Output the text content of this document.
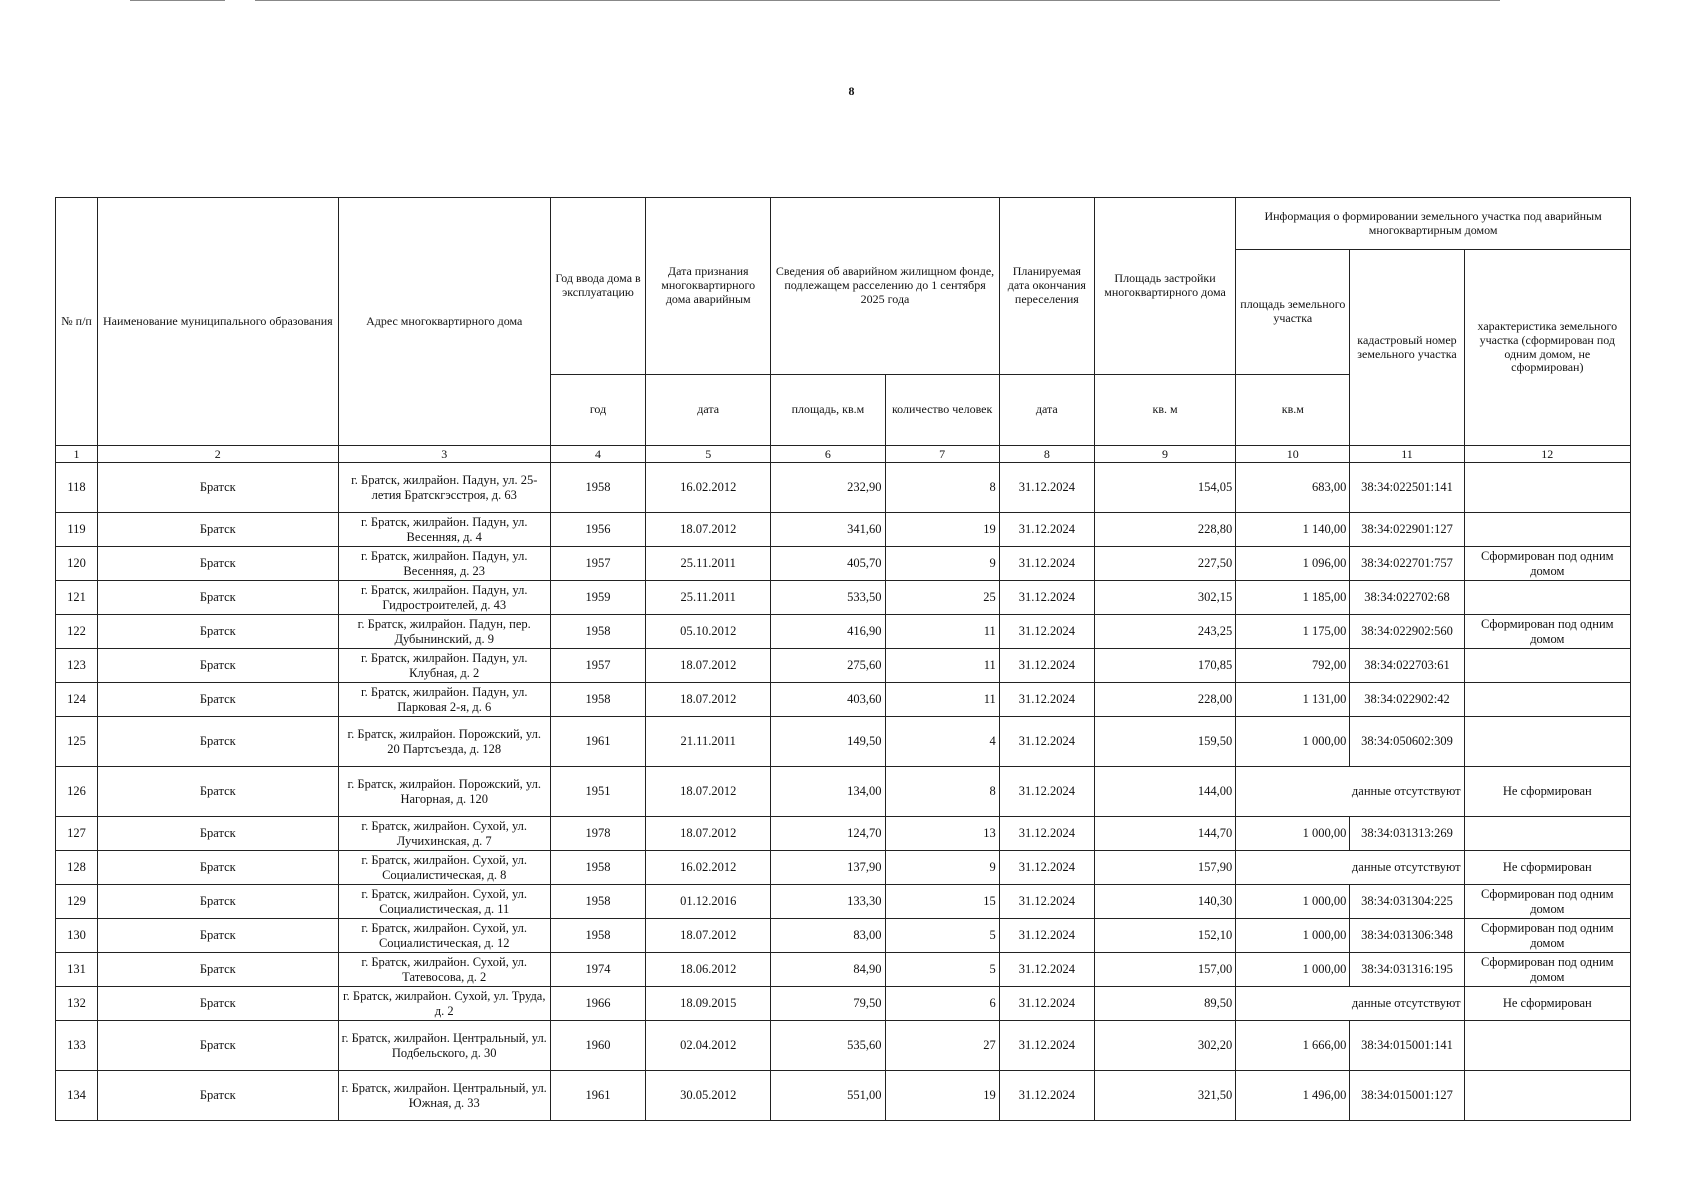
8
№ п/п	Наименование муниципального образования	Адрес многоквартирного дома	Год ввода дома в эксплуатацию	Дата признания многоквартирного дома аварийным	Сведения об аварийном жилищном фонде, подлежащем расселению до 1 сентября 2025 года		Планируемая дата окончания переселения	Площадь застройки многоквартирного дома	Информация о формировании земельного участка под аварийным многоквартирным домом		
									площадь земельного участка	кадастровый номер земельного участка	характеристика земельного участка (сформирован под одним домом, не сформирован)
			год	дата	площадь, кв.м	количество человек	дата	кв. м	кв.м		
1	2	3	4	5	6	7	8	9	10	11	12
118	Братск	г. Братск, жилрайон. Падун, ул. 25-летия Братскгэсстроя, д. 63	1958	16.02.2012	232,90	8	31.12.2024	154,05	683,00	38:34:022501:141	
119	Братск	г. Братск, жилрайон. Падун, ул. Весенняя, д. 4	1956	18.07.2012	341,60	19	31.12.2024	228,80	1 140,00	38:34:022901:127	
120	Братск	г. Братск, жилрайон. Падун, ул. Весенняя, д. 23	1957	25.11.2011	405,70	9	31.12.2024	227,50	1 096,00	38:34:022701:757	Сформирован под одним домом
121	Братск	г. Братск, жилрайон. Падун, ул. Гидростроителей, д. 43	1959	25.11.2011	533,50	25	31.12.2024	302,15	1 185,00	38:34:022702:68	
122	Братск	г. Братск, жилрайон. Падун, пер. Дубынинский, д. 9	1958	05.10.2012	416,90	11	31.12.2024	243,25	1 175,00	38:34:022902:560	Сформирован под одним домом
123	Братск	г. Братск, жилрайон. Падун, ул. Клубная, д. 2	1957	18.07.2012	275,60	11	31.12.2024	170,85	792,00	38:34:022703:61	
124	Братск	г. Братск, жилрайон. Падун, ул. Парковая 2-я, д. 6	1958	18.07.2012	403,60	11	31.12.2024	228,00	1 131,00	38:34:022902:42	
125	Братск	г. Братск, жилрайон. Порожский, ул. 20 Партсъезда, д. 128	1961	21.11.2011	149,50	4	31.12.2024	159,50	1 000,00	38:34:050602:309	
126	Братск	г. Братск, жилрайон. Порожский, ул. Нагорная, д. 120	1951	18.07.2012	134,00	8	31.12.2024	144,00	данные отсутствуют		Не сформирован
127	Братск	г. Братск, жилрайон. Сухой, ул. Лучихинская, д. 7	1978	18.07.2012	124,70	13	31.12.2024	144,70	1 000,00	38:34:031313:269	
128	Братск	г. Братск, жилрайон. Сухой, ул. Социалистическая, д. 8	1958	16.02.2012	137,90	9	31.12.2024	157,90	данные отсутствуют		Не сформирован
129	Братск	г. Братск, жилрайон. Сухой, ул. Социалистическая, д. 11	1958	01.12.2016	133,30	15	31.12.2024	140,30	1 000,00	38:34:031304:225	Сформирован под одним домом
130	Братск	г. Братск, жилрайон. Сухой, ул. Социалистическая, д. 12	1958	18.07.2012	83,00	5	31.12.2024	152,10	1 000,00	38:34:031306:348	Сформирован под одним домом
131	Братск	г. Братск, жилрайон. Сухой, ул. Татевосова, д. 2	1974	18.06.2012	84,90	5	31.12.2024	157,00	1 000,00	38:34:031316:195	Сформирован под одним домом
132	Братск	г. Братск, жилрайон. Сухой, ул. Труда, д. 2	1966	18.09.2015	79,50	6	31.12.2024	89,50	данные отсутствуют		Не сформирован
133	Братск	г. Братск, жилрайон. Центральный, ул. Подбельского, д. 30	1960	02.04.2012	535,60	27	31.12.2024	302,20	1 666,00	38:34:015001:141	
134	Братск	г. Братск, жилрайон. Центральный, ул. Южная, д. 33	1961	30.05.2012	551,00	19	31.12.2024	321,50	1 496,00	38:34:015001:127	
